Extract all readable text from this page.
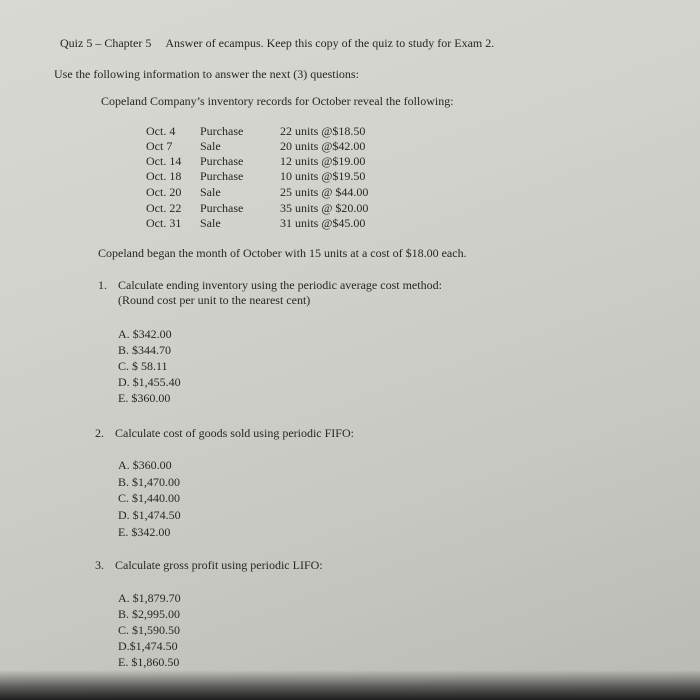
Quiz 5 – Chapter 5 Answer of ecampus. Keep this copy of the quiz to study for Exam 2.
Use the following information to answer the next (3) questions:
Copeland Company’s inventory records for October reveal the following:
Oct. 4 Purchase	22 units @$18.50
Oct 7 Sale	20 units @$42.00
Oct. 14 Purchase	12 units @$19.00
Oct. 18 Purchase	10 units @$19.50
Oct. 20 Sale	25 units @ $44.00
Oct. 22 Purchase	35 units @ $20.00
Oct. 31 Sale	31 units @$45.00
Copeland began the month of October with 15 units at a cost of $18.00 each.
1. Calculate ending inventory using the periodic average cost method:
(Round cost per unit to the nearest cent)
A. $342.00
B. $344.70
C. $ 58.11
D. $1,455.40
E. $360.00
2. Calculate cost of goods sold using periodic FIFO:
A. $360.00
B. $1,470.00
C. $1,440.00
D. $1,474.50
E. $342.00
3. Calculate gross profit using periodic LIFO:
A. $1,879.70
B. $2,995.00
C. $1,590.50
D.$1,474.50
E. $1,860.50
